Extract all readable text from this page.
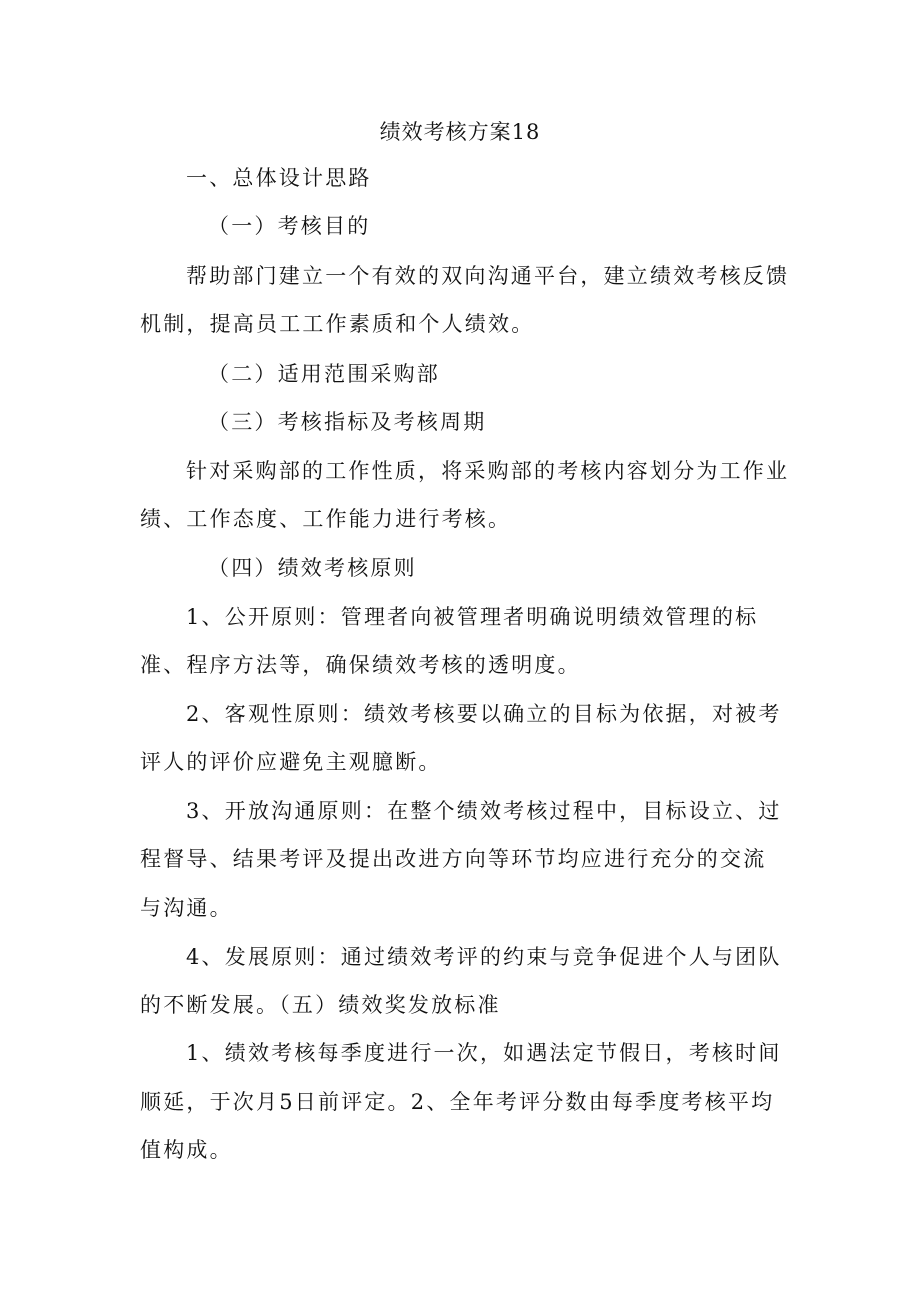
绩效考核方案18
一、总体设计思路
（一）考核目的
帮助部门建立一个有效的双向沟通平台，建立绩效考核反馈
机制，提高员工工作素质和个人绩效。
（二）适用范围采购部
（三）考核指标及考核周期
针对采购部的工作性质，将采购部的考核内容划分为工作业
绩、工作态度、工作能力进行考核。
（四）绩效考核原则
1、公开原则：管理者向被管理者明确说明绩效管理的标
准、程序方法等，确保绩效考核的透明度。
2、客观性原则：绩效考核要以确立的目标为依据，对被考
评人的评价应避免主观臆断。
3、开放沟通原则：在整个绩效考核过程中，目标设立、过
程督导、结果考评及提出改进方向等环节均应进行充分的交流
与沟通。
4、发展原则：通过绩效考评的约束与竞争促进个人与团队
的不断发展。（五）绩效奖发放标准
1、绩效考核每季度进行一次，如遇法定节假日，考核时间
顺延，于次月5日前评定。2、全年考评分数由每季度考核平均
值构成。
